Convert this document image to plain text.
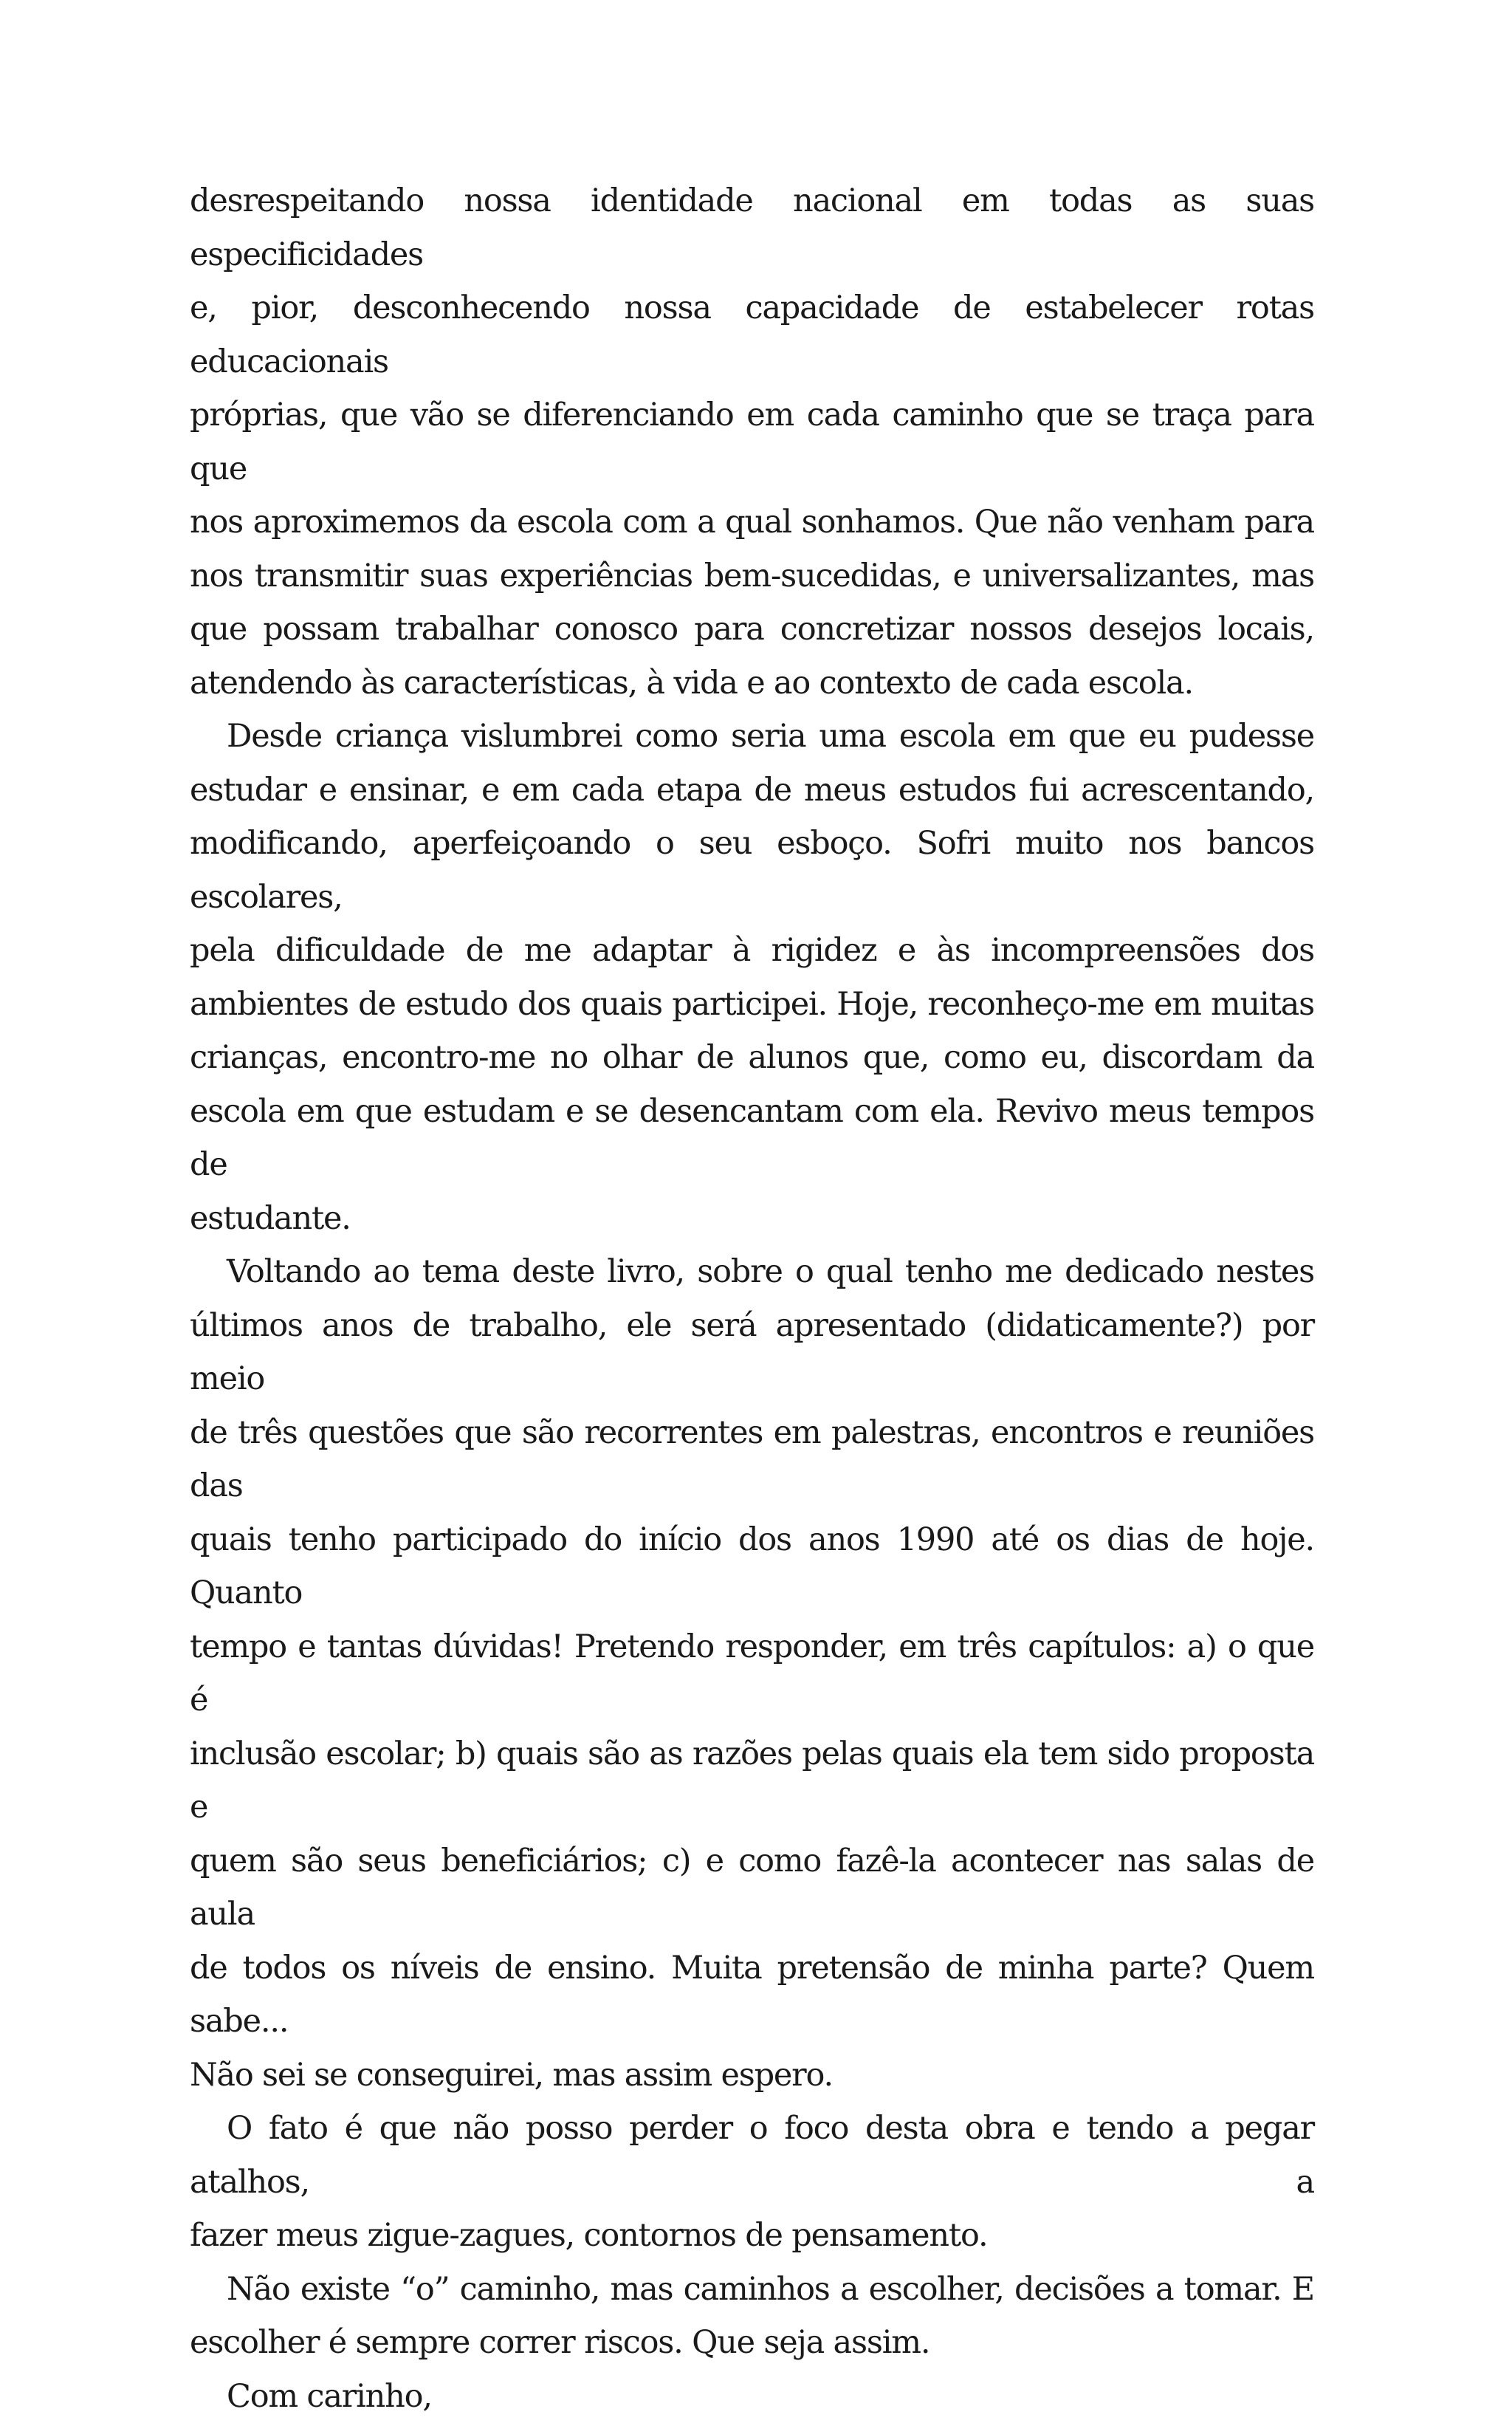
desrespeitando nossa identidade nacional em todas as suas especificidades
e, pior, desconhecendo nossa capacidade de estabelecer rotas educacionais
próprias, que vão se diferenciando em cada caminho que se traça para que
nos aproximemos da escola com a qual sonhamos. Que não venham para
nos transmitir suas experiências bem-sucedidas, e universalizantes, mas
que possam trabalhar conosco para concretizar nossos desejos locais,
atendendo às características, à vida e ao contexto de cada escola.
Desde criança vislumbrei como seria uma escola em que eu pudesse
estudar e ensinar, e em cada etapa de meus estudos fui acrescentando,
modificando, aperfeiçoando o seu esboço. Sofri muito nos bancos escolares,
pela dificuldade de me adaptar à rigidez e às incompreensões dos
ambientes de estudo dos quais participei. Hoje, reconheço-me em muitas
crianças, encontro-me no olhar de alunos que, como eu, discordam da
escola em que estudam e se desencantam com ela. Revivo meus tempos de
estudante.
Voltando ao tema deste livro, sobre o qual tenho me dedicado nestes
últimos anos de trabalho, ele será apresentado (didaticamente?) por meio
de três questões que são recorrentes em palestras, encontros e reuniões das
quais tenho participado do início dos anos 1990 até os dias de hoje. Quanto
tempo e tantas dúvidas! Pretendo responder, em três capítulos: a) o que é
inclusão escolar; b) quais são as razões pelas quais ela tem sido proposta e
quem são seus beneficiários; c) e como fazê-la acontecer nas salas de aula
de todos os níveis de ensino. Muita pretensão de minha parte? Quem sabe...
Não sei se conseguirei, mas assim espero.
O fato é que não posso perder o foco desta obra e tendo a pegar atalhos, a
fazer meus zigue-zagues, contornos de pensamento.
Não existe “o” caminho, mas caminhos a escolher, decisões a tomar. E
escolher é sempre correr riscos. Que seja assim.
Com carinho,
